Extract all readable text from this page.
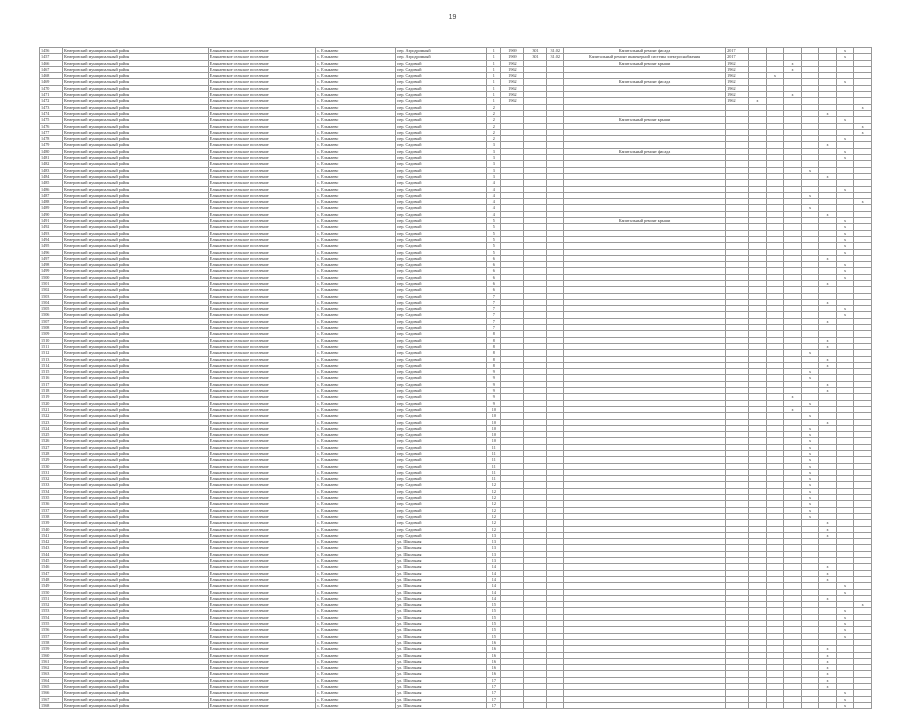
19
1456	Кемеровский муниципальный район	Елыкаевское сельское поселение	с. Елыкаево	пер. Аэродромный	1	1969	301	31.02	Капитальный ремонт фасада	2017						x	
1457	Кемеровский муниципальный район	Елыкаевское сельское поселение	с. Елыкаево	пер. Аэродромный	1	1969	301	31.02	Капитальный ремонт инженерной системы электроснабжения	2017						x	
1466	Кемеровский муниципальный район	Елыкаевское сельское поселение	с. Елыкаево	пер. Садовый	1	1962			Капитальный ремонт крыши	1962			x				
1467	Кемеровский муниципальный район	Елыкаевское сельское поселение	с. Елыкаево	пер. Садовый	1	1962				1962			x				
1468	Кемеровский муниципальный район	Елыкаевское сельское поселение	с. Елыкаево	пер. Садовый	1	1962				1962		x					
1469	Кемеровский муниципальный район	Елыкаевское сельское поселение	с. Елыкаево	пер. Садовый	1	1962			Капитальный ремонт фасада	1962						x	
1470	Кемеровский муниципальный район	Елыкаевское сельское поселение	с. Елыкаево	пер. Садовый	1	1962				1962							
1471	Кемеровский муниципальный район	Елыкаевское сельское поселение	с. Елыкаево	пер. Садовый	1	1962				1962			x				
1472	Кемеровский муниципальный район	Елыкаевское сельское поселение	с. Елыкаево	пер. Садовый	1	1962				1962	x						
1473	Кемеровский муниципальный район	Елыкаевское сельское поселение	с. Елыкаево	пер. Садовый	2												x
1474	Кемеровский муниципальный район	Елыкаевское сельское поселение	с. Елыкаево	пер. Садовый	2										x		
1475	Кемеровский муниципальный район	Елыкаевское сельское поселение	с. Елыкаево	пер. Садовый	2				Капитальный ремонт крыши							x	
1476	Кемеровский муниципальный район	Елыкаевское сельское поселение	с. Елыкаево	пер. Садовый	2												x
1477	Кемеровский муниципальный район	Елыкаевское сельское поселение	с. Елыкаево	пер. Садовый	2												x
1478	Кемеровский муниципальный район	Елыкаевское сельское поселение	с. Елыкаево	пер. Садовый	2											x	
1479	Кемеровский муниципальный район	Елыкаевское сельское поселение	с. Елыкаево	пер. Садовый	3										x		
1480	Кемеровский муниципальный район	Елыкаевское сельское поселение	с. Елыкаево	пер. Садовый	3				Капитальный ремонт фасада							x	
1481	Кемеровский муниципальный район	Елыкаевское сельское поселение	с. Елыкаево	пер. Садовый	3											x	
1482	Кемеровский муниципальный район	Елыкаевское сельское поселение	с. Елыкаево	пер. Садовый	3												
1483	Кемеровский муниципальный район	Елыкаевское сельское поселение	с. Елыкаево	пер. Садовый	3									x			
1484	Кемеровский муниципальный район	Елыкаевское сельское поселение	с. Елыкаево	пер. Садовый	3										x		
1485	Кемеровский муниципальный район	Елыкаевское сельское поселение	с. Елыкаево	пер. Садовый	4												
1486	Кемеровский муниципальный район	Елыкаевское сельское поселение	с. Елыкаево	пер. Садовый	4											x	
1487	Кемеровский муниципальный район	Елыкаевское сельское поселение	с. Елыкаево	пер. Садовый	4									x			
1488	Кемеровский муниципальный район	Елыкаевское сельское поселение	с. Елыкаево	пер. Садовый	4												x
1489	Кемеровский муниципальный район	Елыкаевское сельское поселение	с. Елыкаево	пер. Садовый	4									x			
1490	Кемеровский муниципальный район	Елыкаевское сельское поселение	с. Елыкаево	пер. Садовый	4										x		
1491	Кемеровский муниципальный район	Елыкаевское сельское поселение	с. Елыкаево	пер. Садовый	5				Капитальный ремонт крыши							x	
1492	Кемеровский муниципальный район	Елыкаевское сельское поселение	с. Елыкаево	пер. Садовый	5											x	
1493	Кемеровский муниципальный район	Елыкаевское сельское поселение	с. Елыкаево	пер. Садовый	5											x	
1494	Кемеровский муниципальный район	Елыкаевское сельское поселение	с. Елыкаево	пер. Садовый	5											x	
1495	Кемеровский муниципальный район	Елыкаевское сельское поселение	с. Елыкаево	пер. Садовый	5											x	
1496	Кемеровский муниципальный район	Елыкаевское сельское поселение	с. Елыкаево	пер. Садовый	5											x	
1497	Кемеровский муниципальный район	Елыкаевское сельское поселение	с. Елыкаево	пер. Садовый	6										x		
1498	Кемеровский муниципальный район	Елыкаевское сельское поселение	с. Елыкаево	пер. Садовый	6											x	
1499	Кемеровский муниципальный район	Елыкаевское сельское поселение	с. Елыкаево	пер. Садовый	6											x	
1500	Кемеровский муниципальный район	Елыкаевское сельское поселение	с. Елыкаево	пер. Садовый	6											x	
1501	Кемеровский муниципальный район	Елыкаевское сельское поселение	с. Елыкаево	пер. Садовый	6										x		
1502	Кемеровский муниципальный район	Елыкаевское сельское поселение	с. Елыкаево	пер. Садовый	6												
1503	Кемеровский муниципальный район	Елыкаевское сельское поселение	с. Елыкаево	пер. Садовый	7												
1504	Кемеровский муниципальный район	Елыкаевское сельское поселение	с. Елыкаево	пер. Садовый	7										x		
1505	Кемеровский муниципальный район	Елыкаевское сельское поселение	с. Елыкаево	пер. Садовый	7											x	
1506	Кемеровский муниципальный район	Елыкаевское сельское поселение	с. Елыкаево	пер. Садовый	7											x	
1507	Кемеровский муниципальный район	Елыкаевское сельское поселение	с. Елыкаево	пер. Садовый	7										x		
1508	Кемеровский муниципальный район	Елыкаевское сельское поселение	с. Елыкаево	пер. Садовый	7												
1509	Кемеровский муниципальный район	Елыкаевское сельское поселение	с. Елыкаево	пер. Садовый	8												
1510	Кемеровский муниципальный район	Елыкаевское сельское поселение	с. Елыкаево	пер. Садовый	8										x		
1511	Кемеровский муниципальный район	Елыкаевское сельское поселение	с. Елыкаево	пер. Садовый	8										x		
1512	Кемеровский муниципальный район	Елыкаевское сельское поселение	с. Елыкаево	пер. Садовый	8									x			
1513	Кемеровский муниципальный район	Елыкаевское сельское поселение	с. Елыкаево	пер. Садовый	8										x		
1514	Кемеровский муниципальный район	Елыкаевское сельское поселение	с. Елыкаево	пер. Садовый	8										x		
1515	Кемеровский муниципальный район	Елыкаевское сельское поселение	с. Елыкаево	пер. Садовый	9									x			
1516	Кемеровский муниципальный район	Елыкаевское сельское поселение	с. Елыкаево	пер. Садовый	9									x			
1517	Кемеровский муниципальный район	Елыкаевское сельское поселение	с. Елыкаево	пер. Садовый	9										x		
1518	Кемеровский муниципальный район	Елыкаевское сельское поселение	с. Елыкаево	пер. Садовый	9										x		
1519	Кемеровский муниципальный район	Елыкаевское сельское поселение	с. Елыкаево	пер. Садовый	9								x				
1520	Кемеровский муниципальный район	Елыкаевское сельское поселение	с. Елыкаево	пер. Садовый	9									x			
1521	Кемеровский муниципальный район	Елыкаевское сельское поселение	с. Елыкаево	пер. Садовый	10								x				
1522	Кемеровский муниципальный район	Елыкаевское сельское поселение	с. Елыкаево	пер. Садовый	10									x			
1523	Кемеровский муниципальный район	Елыкаевское сельское поселение	с. Елыкаево	пер. Садовый	10										x		
1524	Кемеровский муниципальный район	Елыкаевское сельское поселение	с. Елыкаево	пер. Садовый	10									x			
1525	Кемеровский муниципальный район	Елыкаевское сельское поселение	с. Елыкаево	пер. Садовый	10									x			
1526	Кемеровский муниципальный район	Елыкаевское сельское поселение	с. Елыкаево	пер. Садовый	10									x			
1527	Кемеровский муниципальный район	Елыкаевское сельское поселение	с. Елыкаево	пер. Садовый	11									x			
1528	Кемеровский муниципальный район	Елыкаевское сельское поселение	с. Елыкаево	пер. Садовый	11									x			
1529	Кемеровский муниципальный район	Елыкаевское сельское поселение	с. Елыкаево	пер. Садовый	11									x			
1530	Кемеровский муниципальный район	Елыкаевское сельское поселение	с. Елыкаево	пер. Садовый	11									x			
1531	Кемеровский муниципальный район	Елыкаевское сельское поселение	с. Елыкаево	пер. Садовый	11									x			
1532	Кемеровский муниципальный район	Елыкаевское сельское поселение	с. Елыкаево	пер. Садовый	11									x			
1533	Кемеровский муниципальный район	Елыкаевское сельское поселение	с. Елыкаево	пер. Садовый	12									x			
1534	Кемеровский муниципальный район	Елыкаевское сельское поселение	с. Елыкаево	пер. Садовый	12									x			
1535	Кемеровский муниципальный район	Елыкаевское сельское поселение	с. Елыкаево	пер. Садовый	12									x			
1536	Кемеровский муниципальный район	Елыкаевское сельское поселение	с. Елыкаево	пер. Садовый	12									x			
1537	Кемеровский муниципальный район	Елыкаевское сельское поселение	с. Елыкаево	пер. Садовый	12									x			
1538	Кемеровский муниципальный район	Елыкаевское сельское поселение	с. Елыкаево	пер. Садовый	12									x			
1539	Кемеровский муниципальный район	Елыкаевское сельское поселение	с. Елыкаево	пер. Садовый	12										x		
1540	Кемеровский муниципальный район	Елыкаевское сельское поселение	с. Елыкаево	пер. Садовый	12										x		
1541	Кемеровский муниципальный район	Елыкаевское сельское поселение	с. Елыкаево	пер. Садовый	13										x		
1542	Кемеровский муниципальный район	Елыкаевское сельское поселение	с. Елыкаево	ул. Школьная	13												
1543	Кемеровский муниципальный район	Елыкаевское сельское поселение	с. Елыкаево	ул. Школьная	13												
1544	Кемеровский муниципальный район	Елыкаевское сельское поселение	с. Елыкаево	ул. Школьная	13												
1545	Кемеровский муниципальный район	Елыкаевское сельское поселение	с. Елыкаево	ул. Школьная	13												
1546	Кемеровский муниципальный район	Елыкаевское сельское поселение	с. Елыкаево	ул. Школьная	14										x		
1547	Кемеровский муниципальный район	Елыкаевское сельское поселение	с. Елыкаево	ул. Школьная	14										x		
1548	Кемеровский муниципальный район	Елыкаевское сельское поселение	с. Елыкаево	ул. Школьная	14										x		
1549	Кемеровский муниципальный район	Елыкаевское сельское поселение	с. Елыкаево	ул. Школьная	14											x	
1550	Кемеровский муниципальный район	Елыкаевское сельское поселение	с. Елыкаево	ул. Школьная	14											x	
1551	Кемеровский муниципальный район	Елыкаевское сельское поселение	с. Елыкаево	ул. Школьная	14										x		
1552	Кемеровский муниципальный район	Елыкаевское сельское поселение	с. Елыкаево	ул. Школьная	15												x
1553	Кемеровский муниципальный район	Елыкаевское сельское поселение	с. Елыкаево	ул. Школьная	15											x	
1554	Кемеровский муниципальный район	Елыкаевское сельское поселение	с. Елыкаево	ул. Школьная	15											x	
1555	Кемеровский муниципальный район	Елыкаевское сельское поселение	с. Елыкаево	ул. Школьная	15											x	
1556	Кемеровский муниципальный район	Елыкаевское сельское поселение	с. Елыкаево	ул. Школьная	15											x	
1557	Кемеровский муниципальный район	Елыкаевское сельское поселение	с. Елыкаево	ул. Школьная	15											x	
1558	Кемеровский муниципальный район	Елыкаевское сельское поселение	с. Елыкаево	ул. Школьная	16												
1559	Кемеровский муниципальный район	Елыкаевское сельское поселение	с. Елыкаево	ул. Школьная	16										x		
1560	Кемеровский муниципальный район	Елыкаевское сельское поселение	с. Елыкаево	ул. Школьная	16										x		
1561	Кемеровский муниципальный район	Елыкаевское сельское поселение	с. Елыкаево	ул. Школьная	16										x		
1562	Кемеровский муниципальный район	Елыкаевское сельское поселение	с. Елыкаево	ул. Школьная	16										x		
1563	Кемеровский муниципальный район	Елыкаевское сельское поселение	с. Елыкаево	ул. Школьная	16										x		
1564	Кемеровский муниципальный район	Елыкаевское сельское поселение	с. Елыкаево	ул. Школьная	17										x		
1565	Кемеровский муниципальный район	Елыкаевское сельское поселение	с. Елыкаево	ул. Школьная	17										x		
1566	Кемеровский муниципальный район	Елыкаевское сельское поселение	с. Елыкаево	ул. Школьная	17											x	
1567	Кемеровский муниципальный район	Елыкаевское сельское поселение	с. Елыкаево	ул. Школьная	17											x	
1568	Кемеровский муниципальный район	Елыкаевское сельское поселение	с. Елыкаево	ул. Школьная	17											x	
